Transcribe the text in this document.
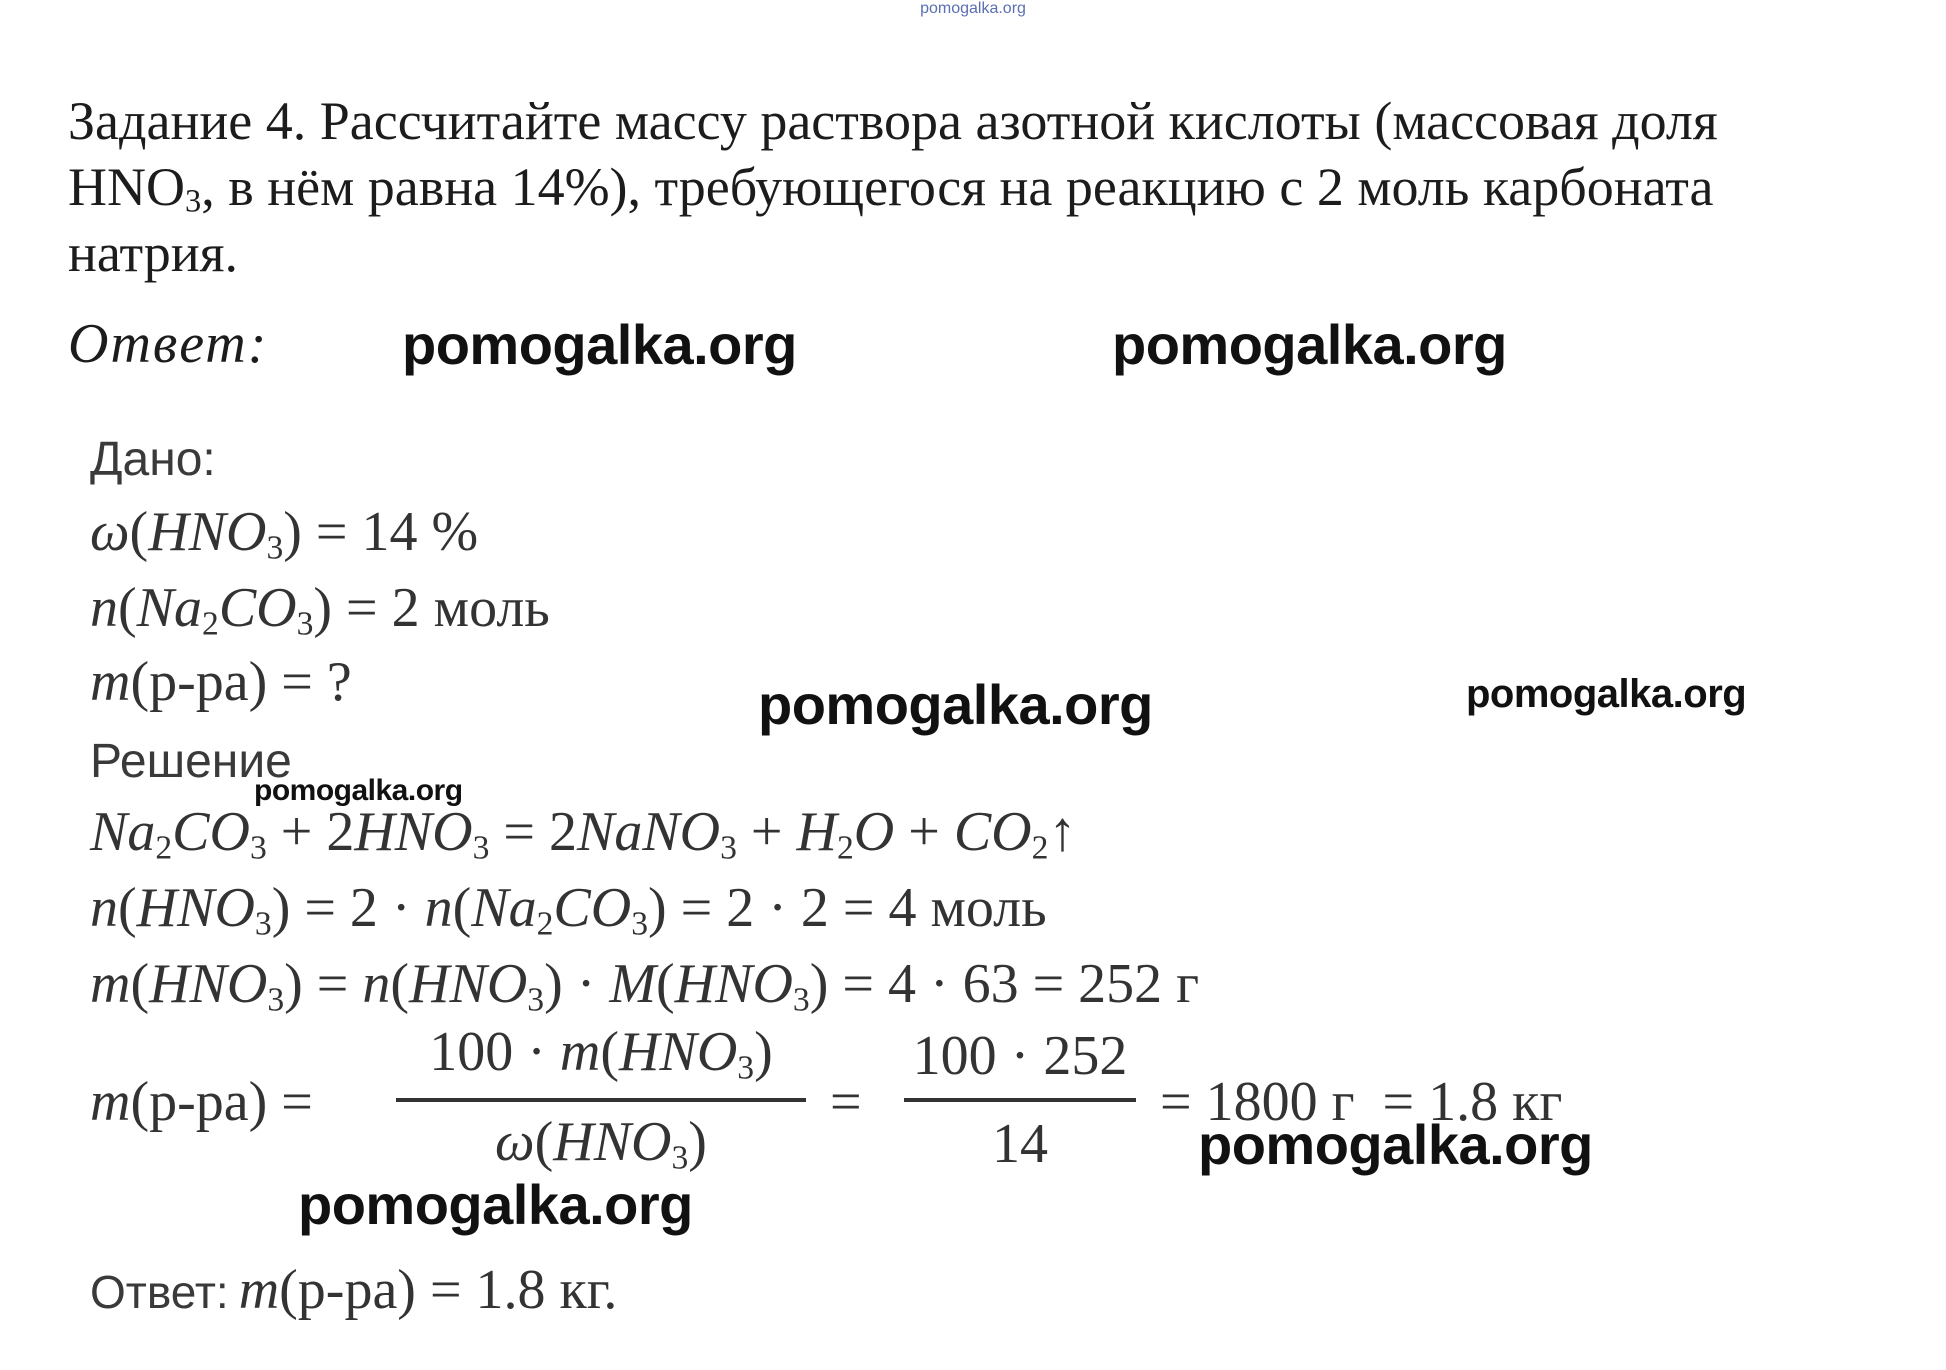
pomogalka.org
Задание 4. Рассчитайте массу раствора азотной кислоты (массовая доля
$HNO_3$, в нём равна 14%), требующегося на реакцию с 2 моль карбоната
натрия.
Ответ: pomogalka.org	pomogalka.org
pomogalka.org	pomogalka.org
pomogalka.org
pomogalka.org
pomogalka.org
Дано:
$\omega(HNO_3) = 14$ %
$n(Na_2CO_3) = 2$ моль
m(р-ра) = ?
Решение
$Na_2CO_3 + 2HNO_3$ = 2NaNO$_3$ + $H_2O$ + $CO_2↑$
$n(HNO_3) = 2 \cdot n(Na_2CO_3) = 2 \cdot 2 = 4$ моль
$m(HNO_3) = n(HNO_3) \cdot M(HNO_3) = 4 \cdot 63 = 252$ г
m(р-ра) =
$100 \cdot m(HNO_3)$
$\omega(HNO_3)$
=
100 · 252
14
= 1800 г  = 1.8 кг
Ответ: m(р-ра) = 1.8 кг.
